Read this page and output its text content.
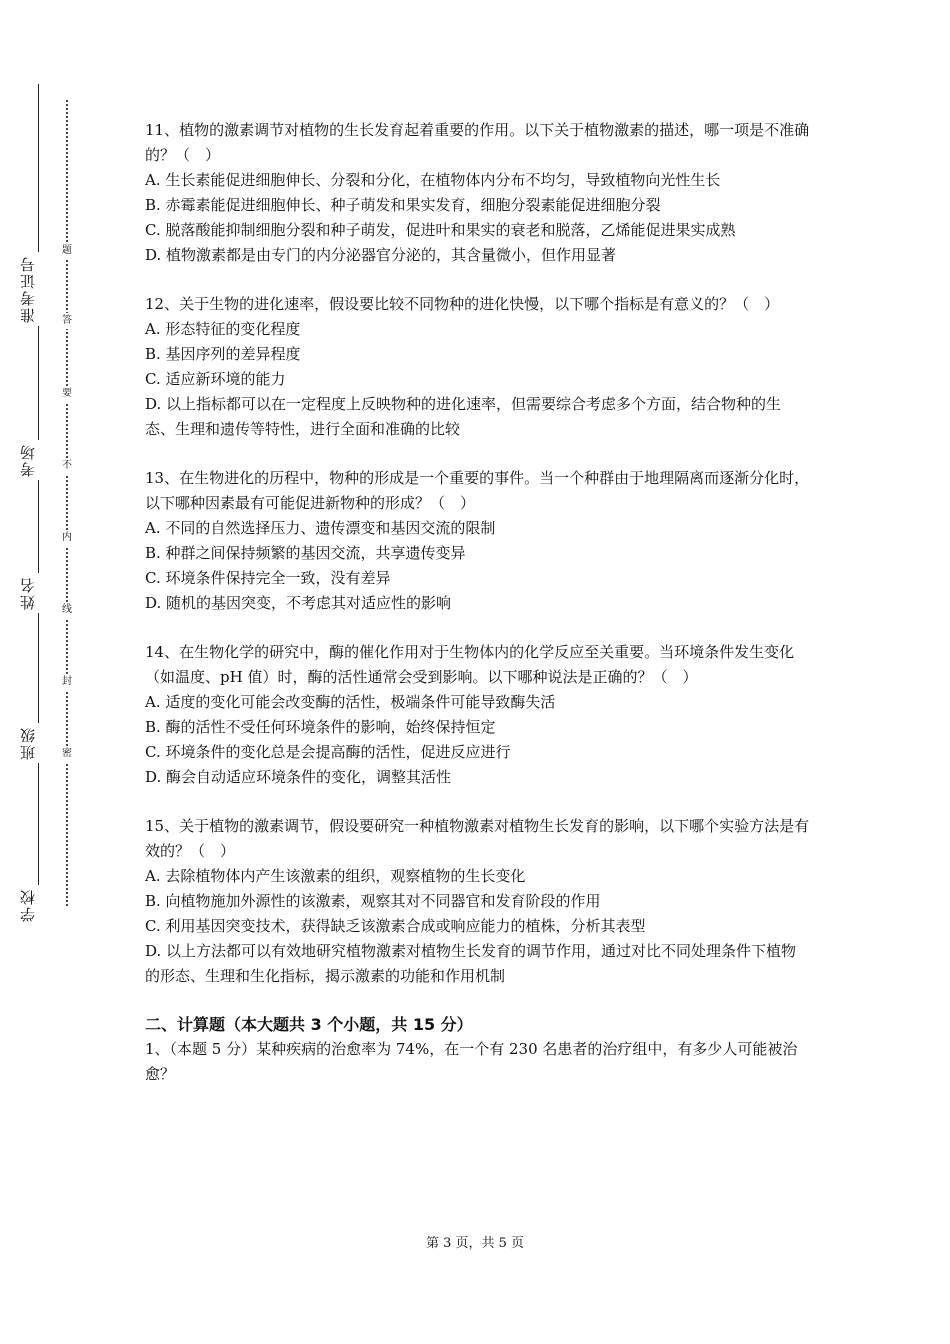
准考证号
考场
姓名
班级
学校
题
答
要
不
内
线
封
密

11、植物的激素调节对植物的生长发育起着重要的作用。以下关于植物激素的描述，哪一项是不准确的？（　）

A. 生长素能促进细胞伸长、分裂和分化，在植物体内分布不均匀，导致植物向光性生长

B. 赤霉素能促进细胞伸长、种子萌发和果实发育，细胞分裂素能促进细胞分裂

C. 脱落酸能抑制细胞分裂和种子萌发，促进叶和果实的衰老和脱落，乙烯能促进果实成熟

D. 植物激素都是由专门的内分泌器官分泌的，其含量微小，但作用显著

12、关于生物的进化速率，假设要比较不同物种的进化快慢，以下哪个指标是有意义的？（　）

A. 形态特征的变化程度

B. 基因序列的差异程度

C. 适应新环境的能力

D. 以上指标都可以在一定程度上反映物种的进化速率，但需要综合考虑多个方面，结合物种的生态、生理和遗传等特性，进行全面和准确的比较

13、在生物进化的历程中，物种的形成是一个重要的事件。当一个种群由于地理隔离而逐渐分化时，以下哪种因素最有可能促进新物种的形成？（　）

A. 不同的自然选择压力、遗传漂变和基因交流的限制

B. 种群之间保持频繁的基因交流，共享遗传变异

C. 环境条件保持完全一致，没有差异

D. 随机的基因突变，不考虑其对适应性的影响

14、在生物化学的研究中，酶的催化作用对于生物体内的化学反应至关重要。当环境条件发生变化（如温度、pH 值）时，酶的活性通常会受到影响。以下哪种说法是正确的？（　）

A. 适度的变化可能会改变酶的活性，极端条件可能导致酶失活

B. 酶的活性不受任何环境条件的影响，始终保持恒定

C. 环境条件的变化总是会提高酶的活性，促进反应进行

D. 酶会自动适应环境条件的变化，调整其活性

15、关于植物的激素调节，假设要研究一种植物激素对植物生长发育的影响，以下哪个实验方法是有效的？（　）

A. 去除植物体内产生该激素的组织，观察植物的生长变化

B. 向植物施加外源性的该激素，观察其对不同器官和发育阶段的作用

C. 利用基因突变技术，获得缺乏该激素合成或响应能力的植株，分析其表型

D. 以上方法都可以有效地研究植物激素对植物生长发育的调节作用，通过对比不同处理条件下植物的形态、生理和生化指标，揭示激素的功能和作用机制

二、计算题（本大题共 3 个小题，共 15 分）

1、（本题 5 分）某种疾病的治愈率为 74%，在一个有 230 名患者的治疗组中，有多少人可能被治愈？

第 3 页，共 5 页
